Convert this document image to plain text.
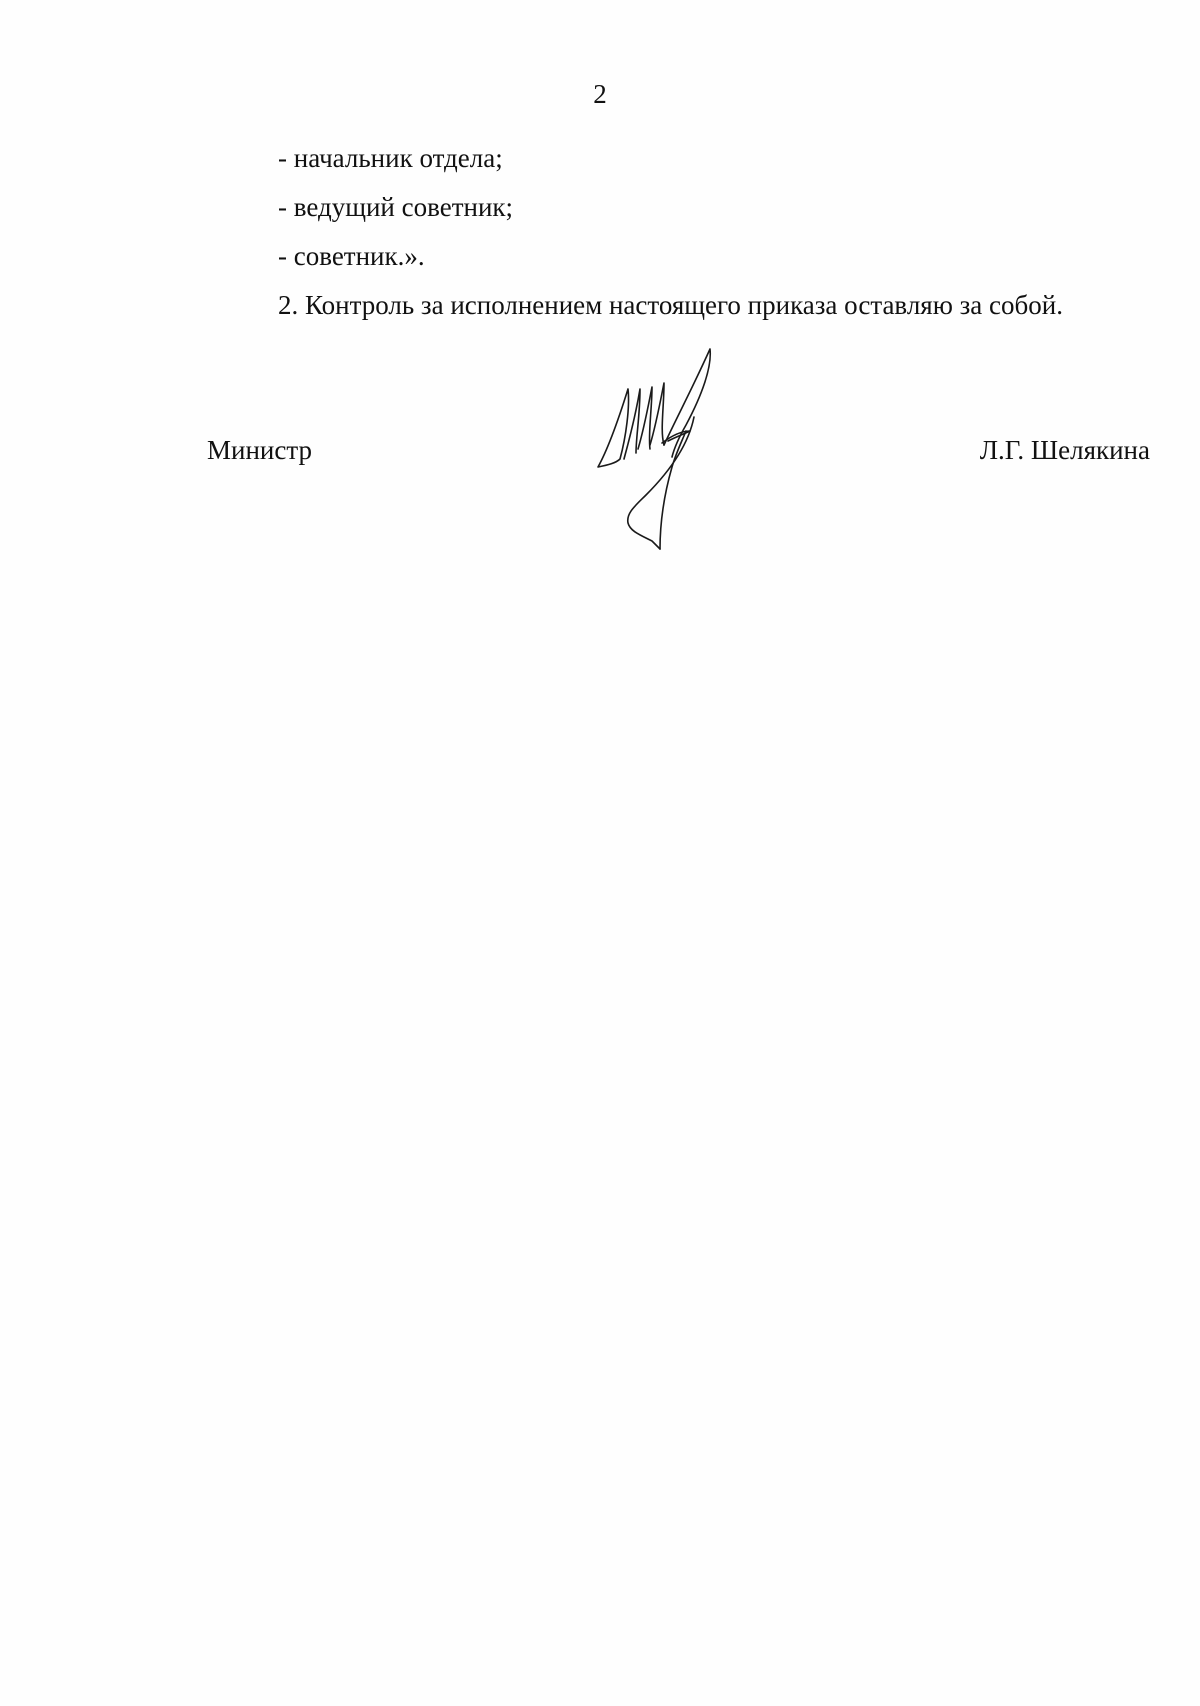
2
- начальник отдела;
- ведущий советник;
- советник.».
2. Контроль за исполнением настоящего приказа оставляю за собой.
Министр	Л.Г. Шелякина
